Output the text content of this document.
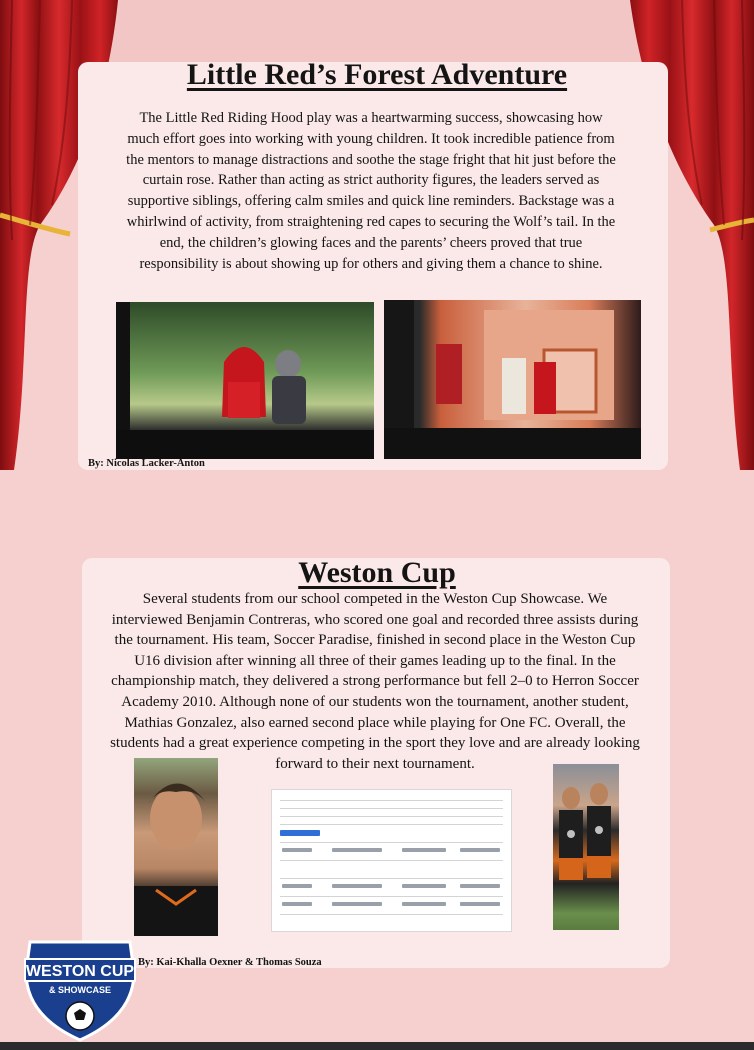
Little Red’s Forest Adventure

The Little Red Riding Hood play was a heartwarming success, showcasing how much effort goes into working with young children. It took incredible patience from the mentors to manage distractions and soothe the stage fright that hit just before the curtain rose. Rather than acting as strict authority figures, the leaders served as supportive siblings, offering calm smiles and quick line reminders. Backstage was a whirlwind of activity, from straightening red capes to securing the Wolf’s tail. In the end, the children’s glowing faces and the parents’ cheers proved that true responsibility is about showing up for others and giving them a chance to shine.

By: Nicolas Lacker-Anton

Weston Cup

Several students from our school competed in the Weston Cup Showcase. We interviewed Benjamin Contreras, who scored one goal and recorded three assists during the tournament. His team, Soccer Paradise, finished in second place in the Weston Cup U16 division after winning all three of their games leading up to the final. In the championship match, they delivered a strong performance but fell 2–0 to Herron Soccer Academy 2010. Although none of our students won the tournament, another student, Mathias Gonzalez, also earned second place while playing for One FC. Overall, the students had a great experience competing in the sport they love and are already looking forward to their next tournament.

By: Kai-Khalla Oexner & Thomas Souza

WESTON CUP
& SHOWCASE
